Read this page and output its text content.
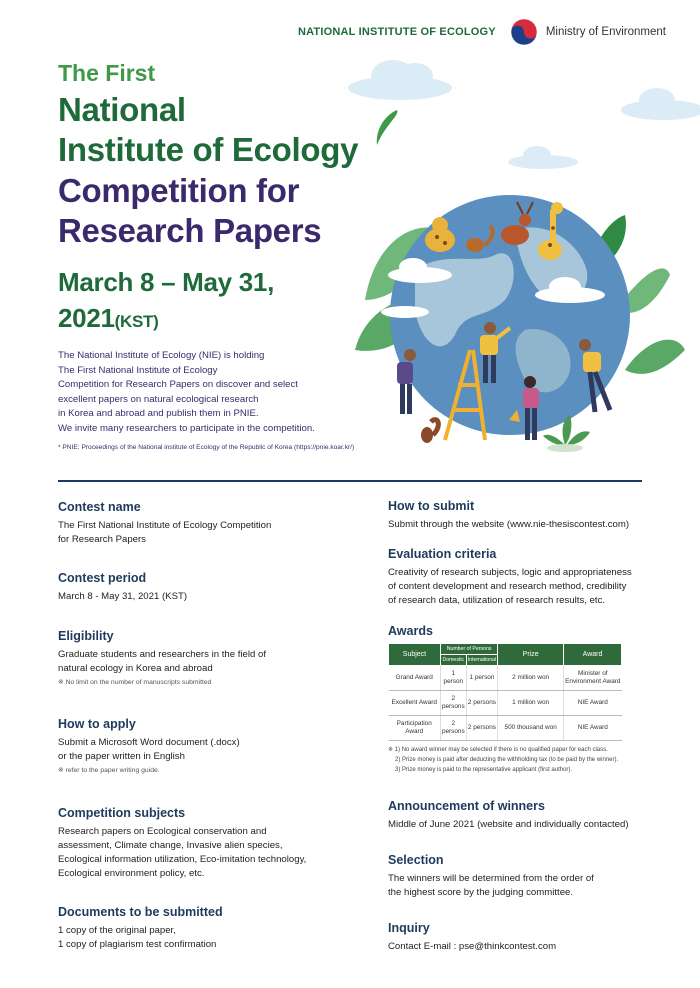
NATIONAL INSTITUTE OF ECOLOGY	Ministry of Environment
The First
National
Institute of Ecology
Competition for
Research Papers
March 8 – May 31,
2021(KST)
The National Institute of Ecology (NIE) is holding
The First National Institute of Ecology
Competition for Research Papers on discover and select
excellent papers on natural ecological research
in Korea and abroad and publish them in PNIE.
We invite many researchers to participate in the competition.
* PNIE: Proceedings of the National institute of Ecology of the Republic of Korea (https://pnie.koar.kr/)
Contest name

The First National Institute of Ecology Competition

for Research Papers

Contest period

March 8 - May 31, 2021 (KST)

Eligibility

Graduate students and researchers in the field of

natural ecology in Korea and abroad

※ No limit on the number of manuscripts submitted
How to apply

Submit a Microsoft Word document (.docx)

or the paper written in English

※ refer to the paper writing guide.
Competition subjects

Research papers on Ecological conservation and

assessment, Climate change, Invasive alien species,

Ecological information utilization, Eco-imitation technology,

Ecological environment policy, etc.

Documents to be submitted

1 copy of the original paper,

1 copy of plagiarism test confirmation

How to submit

Submit through the website (www.nie-thesiscontest.com)

Evaluation criteria

Creativity of research subjects, logic and appropriateness

of content development and research method, credibility

of research data, utilization of research results, etc.

Awards
Subject	Number of Persons		Prize	Award
	Domestic	International		
Grand Award	1 person	1 person	2 million won	Minister of Environment Award
Excellent Award	2 persons	2 persons	1 million won	NIE Award
Participation Award	2 persons	2 persons	500 thousand won	NIE Award
※ 1) No award winner may be selected if there is no qualified paper for each class.
2) Prize money is paid after deducting the withholding tax (to be paid by the winner).
3) Prize money is paid to the representative applicant (first author).
Announcement of winners

Middle of June 2021 (website and individually contacted)

Selection

The winners will be determined from the order of

the highest score by the judging committee.

Inquiry

Contact E-mail : pse@thinkcontest.com
